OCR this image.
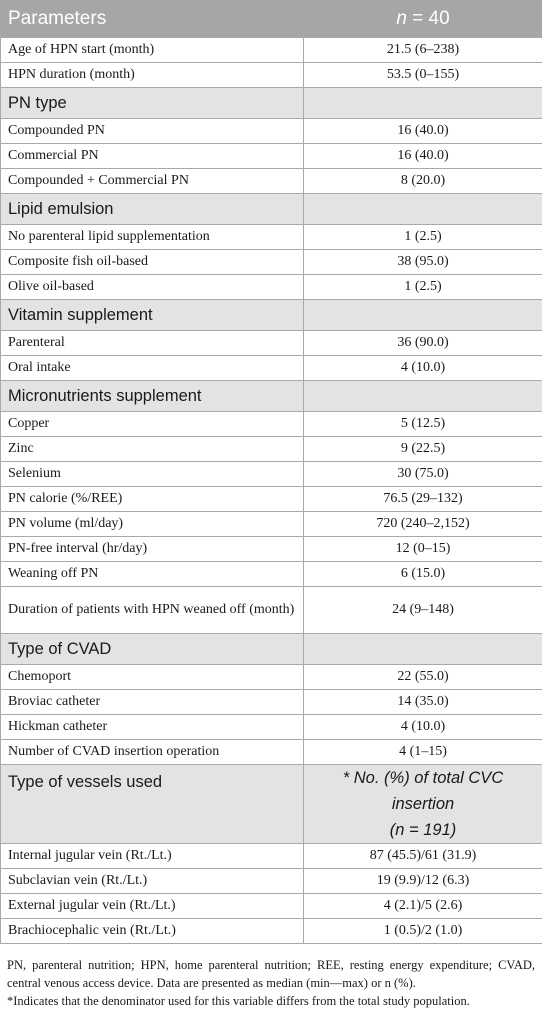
Parameters	n = 40
Age of HPN start (month)	21.5 (6–238)
HPN duration (month)	53.5 (0–155)
PN type	
Compounded PN	16 (40.0)
Commercial PN	16 (40.0)
Compounded + Commercial PN	8 (20.0)
Lipid emulsion	
No parenteral lipid supplementation	1 (2.5)
Composite fish oil-based	38 (95.0)
Olive oil-based	1 (2.5)
Vitamin supplement	
Parenteral	36 (90.0)
Oral intake	4 (10.0)
Micronutrients supplement	
Copper	5 (12.5)
Zinc	9 (22.5)
Selenium	30 (75.0)
PN calorie (%/REE)	76.5 (29–132)
PN volume (ml/day)	720 (240–2,152)
PN-free interval (hr/day)	12 (0–15)
Weaning off PN	6 (15.0)
Duration of patients with HPN weaned off (month)	24 (9–148)
Type of CVAD	
Chemoport	22 (55.0)
Broviac catheter	14 (35.0)
Hickman catheter	4 (10.0)
Number of CVAD insertion operation	4 (1–15)
Type of vessels used	* No. (%) of total CVC insertion
(n = 191)

Internal jugular vein (Rt./Lt.)	87 (45.5)/61 (31.9)
Subclavian vein (Rt./Lt.)	19 (9.9)/12 (6.3)
External jugular vein (Rt./Lt.)	4 (2.1)/5 (2.6)
Brachiocephalic vein (Rt./Lt.)	1 (0.5)/2 (1.0)

PN, parenteral nutrition; HPN, home parenteral nutrition; REE, resting energy expenditure; CVAD, central venous access device. Data are presented as median (min—max) or n (%).

*Indicates that the denominator used for this variable differs from the total study population.
